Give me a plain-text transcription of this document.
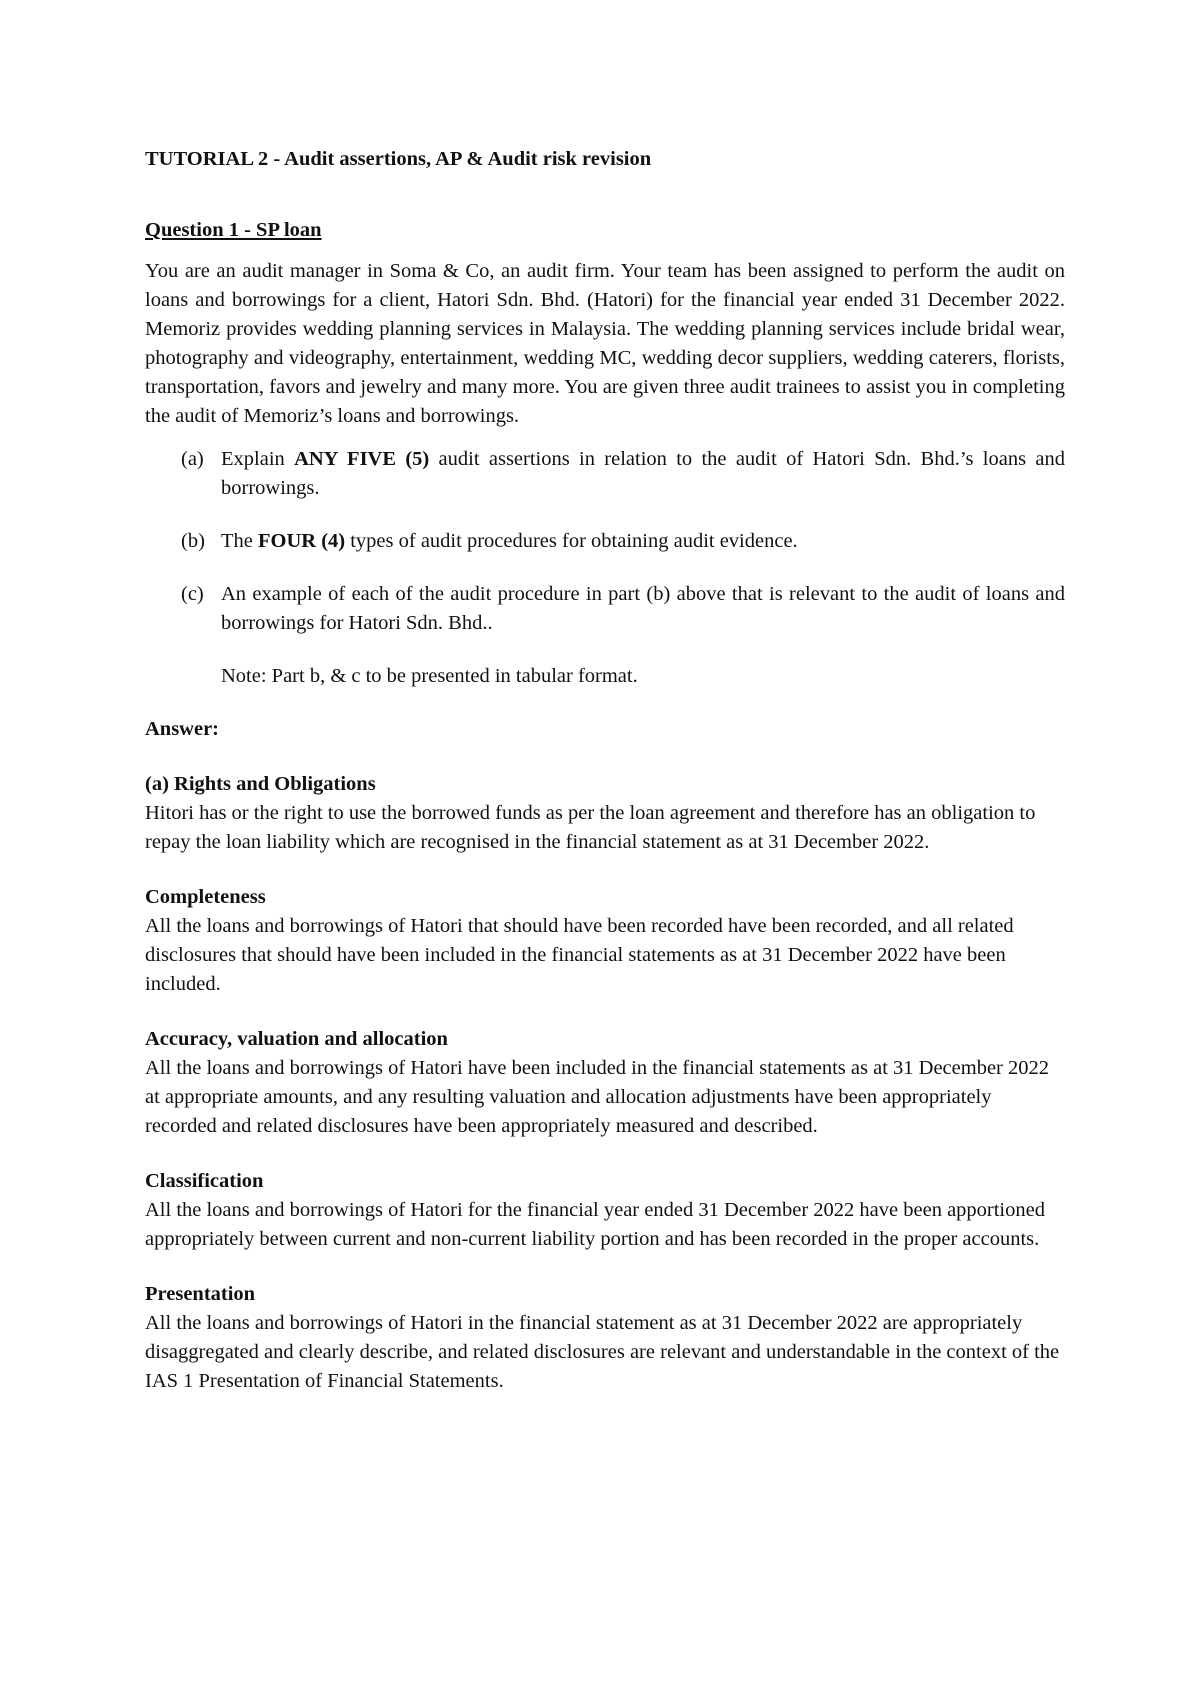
TUTORIAL 2 - Audit assertions, AP & Audit risk revision
Question 1 - SP loan
You are an audit manager in Soma & Co, an audit firm. Your team has been assigned to perform the audit on loans and borrowings for a client, Hatori Sdn. Bhd. (Hatori) for the financial year ended 31 December 2022. Memoriz provides wedding planning services in Malaysia. The wedding planning services include bridal wear, photography and videography, entertainment, wedding MC, wedding decor suppliers, wedding caterers, florists, transportation, favors and jewelry and many more. You are given three audit trainees to assist you in completing the audit of Memoriz’s loans and borrowings.
(a) Explain ANY FIVE (5) audit assertions in relation to the audit of Hatori Sdn. Bhd.’s loans and borrowings.
(b) The FOUR (4) types of audit procedures for obtaining audit evidence.
(c) An example of each of the audit procedure in part (b) above that is relevant to the audit of loans and borrowings for Hatori Sdn. Bhd..
Note: Part b, & c to be presented in tabular format.
Answer:
(a) Rights and Obligations
Hitori has or the right to use the borrowed funds as per the loan agreement and therefore has an obligation to repay the loan liability which are recognised in the financial statement as at 31 December 2022.
Completeness
All the loans and borrowings of Hatori that should have been recorded have been recorded, and all related disclosures that should have been included in the financial statements as at 31 December 2022 have been included.
Accuracy, valuation and allocation
All the loans and borrowings of Hatori have been included in the financial statements as at 31 December 2022 at appropriate amounts, and any resulting valuation and allocation adjustments have been appropriately recorded and related disclosures have been appropriately measured and described.
Classification
All the loans and borrowings of Hatori for the financial year ended 31 December 2022 have been apportioned appropriately between current and non-current liability portion and has been recorded in the proper accounts.
Presentation
All the loans and borrowings of Hatori in the financial statement as at 31 December 2022 are appropriately disaggregated and clearly describe, and related disclosures are relevant and understandable in the context of the IAS 1 Presentation of Financial Statements.
